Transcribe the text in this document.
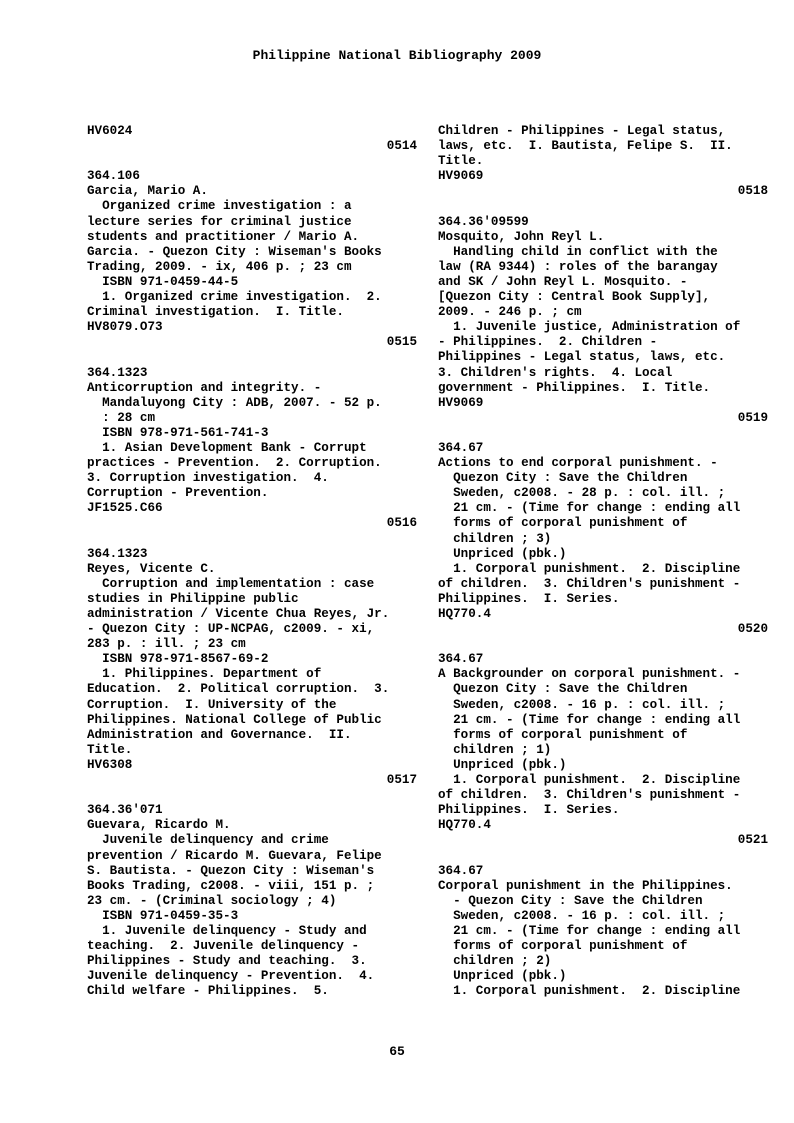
Philippine National Bibliography 2009
HV6024
0514
364.106
Garcia, Mario A.
Organized crime investigation : a
lecture series for criminal justice
students and practitioner / Mario A.
Garcia. - Quezon City : Wiseman's Books
Trading, 2009. - ix, 406 p. ; 23 cm
ISBN 971-0459-44-5
1. Organized crime investigation.  2.
Criminal investigation.  I. Title.
HV8079.O73
0515
364.1323
Anticorruption and integrity. -
Mandaluyong City : ADB, 2007. - 52 p.
: 28 cm
ISBN 978-971-561-741-3
1. Asian Development Bank - Corrupt
practices - Prevention.  2. Corruption.
3. Corruption investigation.  4.
Corruption - Prevention.
JF1525.C66
0516
364.1323
Reyes, Vicente C.
Corruption and implementation : case
studies in Philippine public
administration / Vicente Chua Reyes, Jr.
- Quezon City : UP-NCPAG, c2009. - xi,
283 p. : ill. ; 23 cm
ISBN 978-971-8567-69-2
1. Philippines. Department of
Education.  2. Political corruption.  3.
Corruption.  I. University of the
Philippines. National College of Public
Administration and Governance.  II.
Title.
HV6308
0517
364.36'071
Guevara, Ricardo M.
Juvenile delinquency and crime
prevention / Ricardo M. Guevara, Felipe
S. Bautista. - Quezon City : Wiseman's
Books Trading, c2008. - viii, 151 p. ;
23 cm. - (Criminal sociology ; 4)
ISBN 971-0459-35-3
1. Juvenile delinquency - Study and
teaching.  2. Juvenile delinquency -
Philippines - Study and teaching.  3.
Juvenile delinquency - Prevention.  4.
Child welfare - Philippines.  5.
Children - Philippines - Legal status,
laws, etc.  I. Bautista, Felipe S.  II.
Title.
HV9069
0518
364.36'09599
Mosquito, John Reyl L.
Handling child in conflict with the
law (RA 9344) : roles of the barangay
and SK / John Reyl L. Mosquito. -
[Quezon City : Central Book Supply],
2009. - 246 p. ; cm
1. Juvenile justice, Administration of
- Philippines.  2. Children -
Philippines - Legal status, laws, etc.
3. Children's rights.  4. Local
government - Philippines.  I. Title.
HV9069
0519
364.67
Actions to end corporal punishment. -
Quezon City : Save the Children
Sweden, c2008. - 28 p. : col. ill. ;
21 cm. - (Time for change : ending all
forms of corporal punishment of
children ; 3)
Unpriced (pbk.)
1. Corporal punishment.  2. Discipline
of children.  3. Children's punishment -
Philippines.  I. Series.
HQ770.4
0520
364.67
A Backgrounder on corporal punishment. -
Quezon City : Save the Children
Sweden, c2008. - 16 p. : col. ill. ;
21 cm. - (Time for change : ending all
forms of corporal punishment of
children ; 1)
Unpriced (pbk.)
1. Corporal punishment.  2. Discipline
of children.  3. Children's punishment -
Philippines.  I. Series.
HQ770.4
0521
364.67
Corporal punishment in the Philippines.
- Quezon City : Save the Children
Sweden, c2008. - 16 p. : col. ill. ;
21 cm. - (Time for change : ending all
forms of corporal punishment of
children ; 2)
Unpriced (pbk.)
1. Corporal punishment.  2. Discipline
65
